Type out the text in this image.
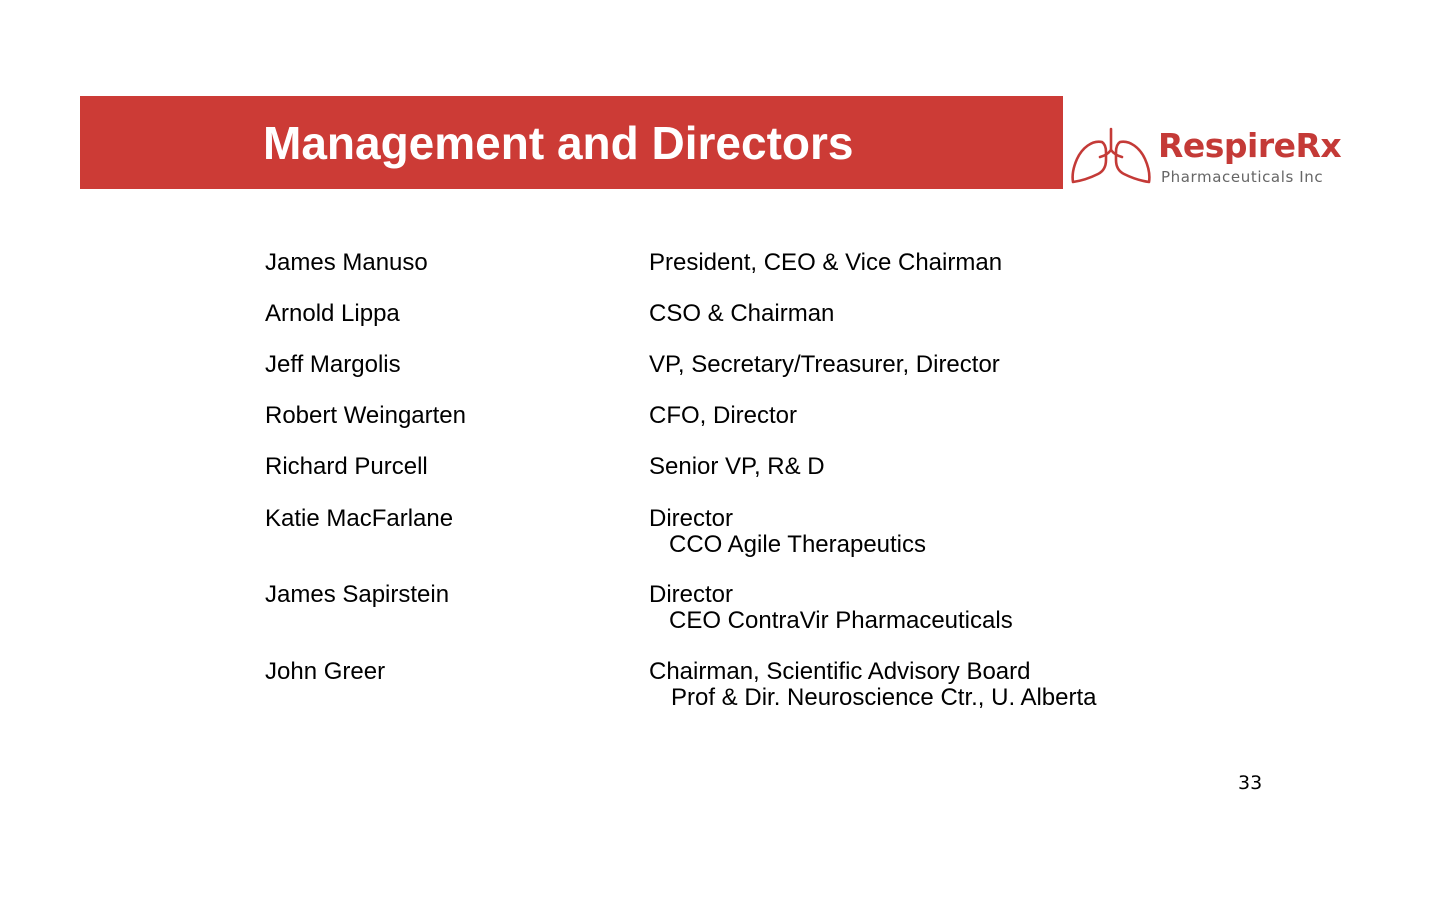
Management and Directors	RespireRx
Pharmaceuticals Inc
James Manuso	President, CEO & Vice Chairman
Arnold Lippa	CSO & Chairman
Jeff Margolis	VP, Secretary/Treasurer, Director
Robert Weingarten	CFO, Director
Richard Purcell	Senior VP, R& D
Katie MacFarlane	Director
CCO Agile Therapeutics
James Sapirstein	Director
CEO ContraVir Pharmaceuticals
John Greer	Chairman, Scientific Advisory Board
Prof & Dir. Neuroscience Ctr., U. Alberta
33
